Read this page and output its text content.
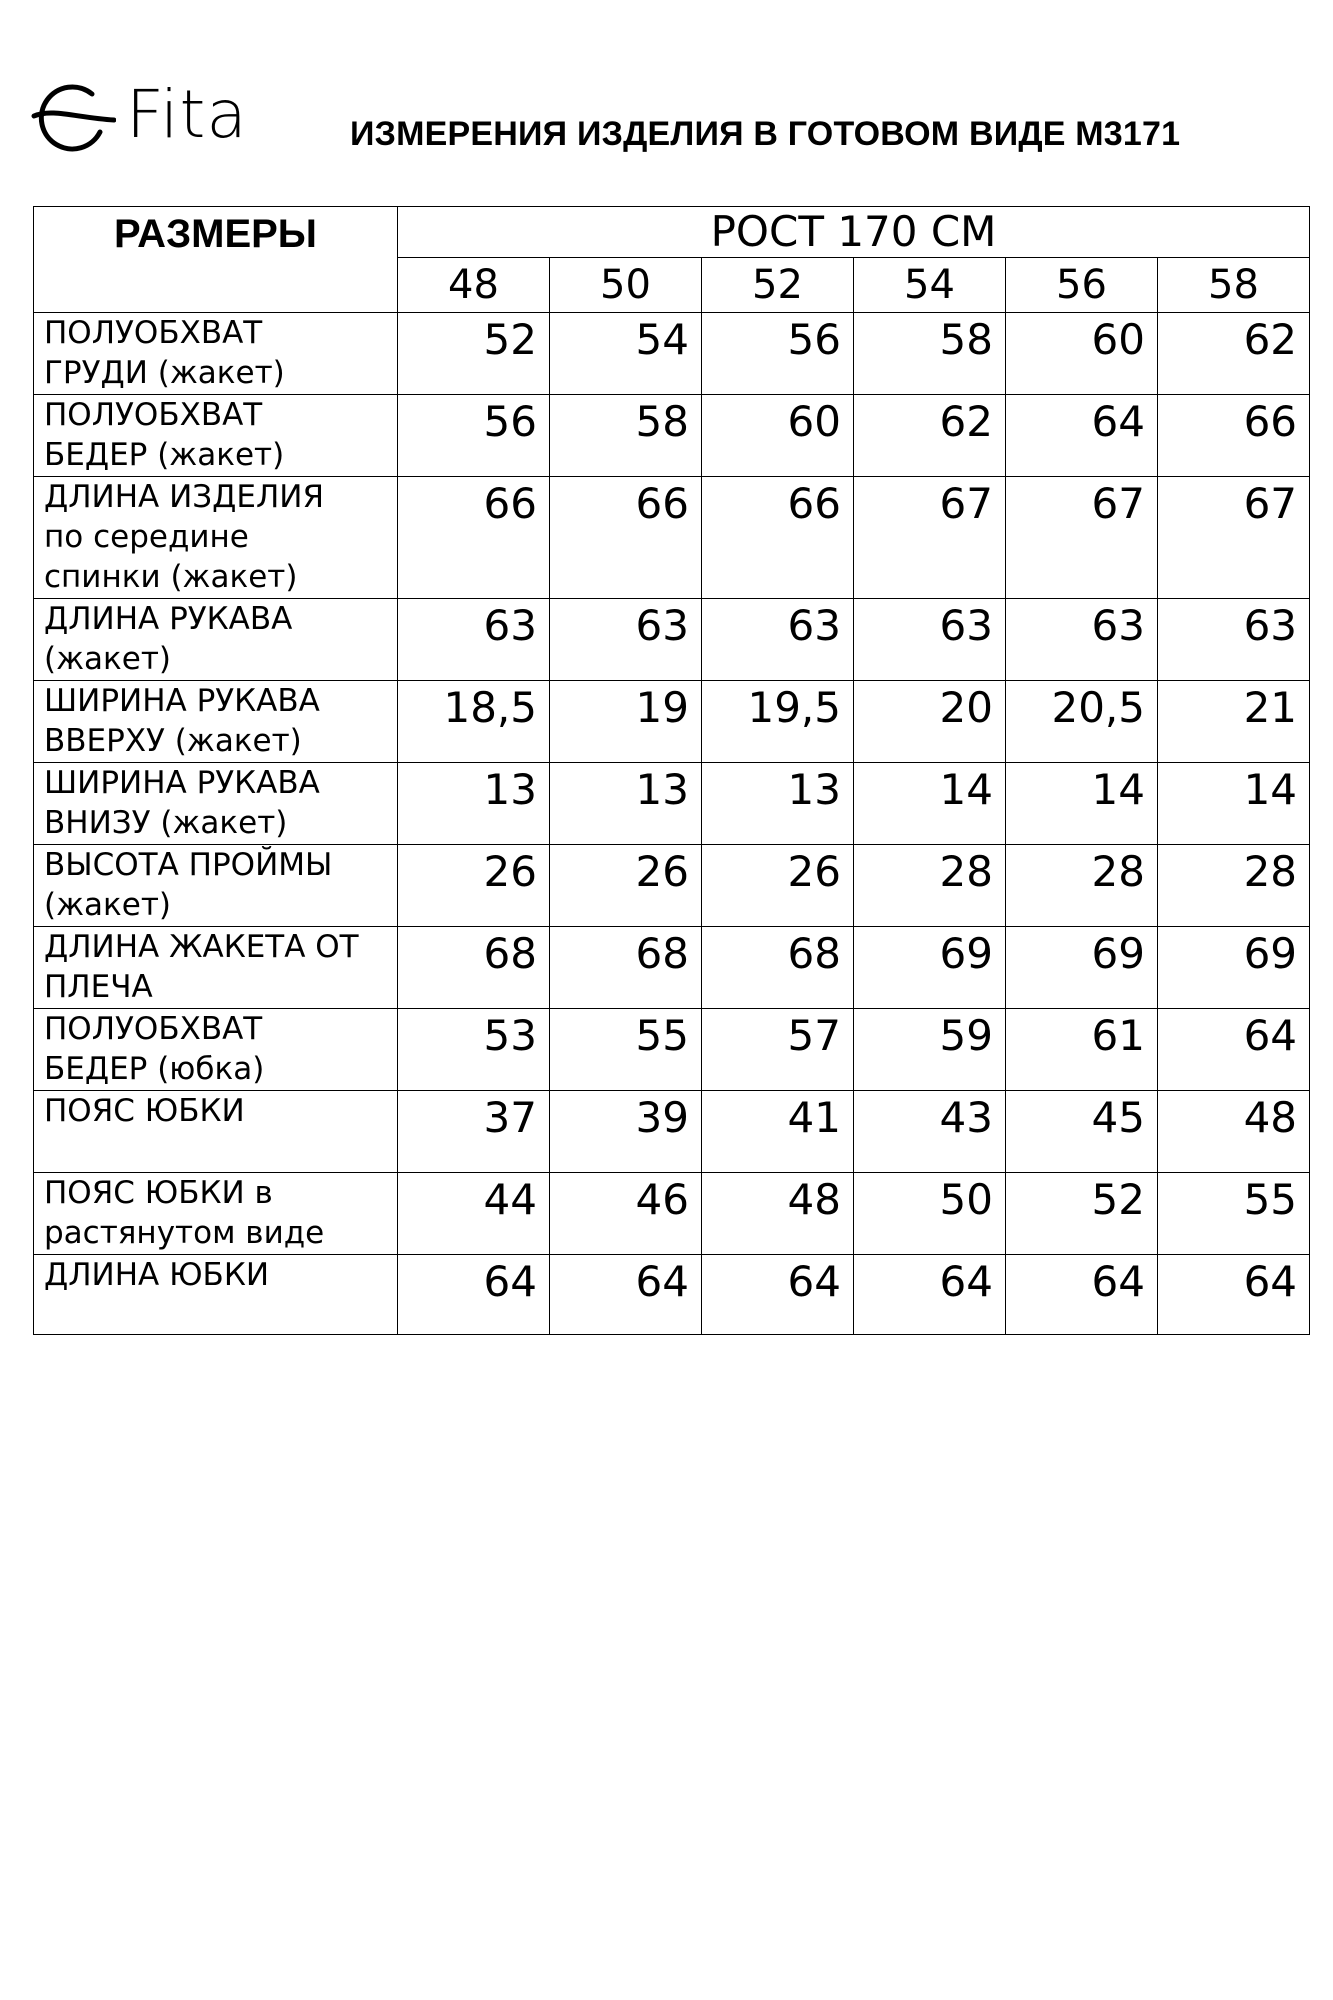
Fita	ИЗМЕРЕНИЯ ИЗДЕЛИЯ В ГОТОВОМ ВИДЕ М3171
РАЗМЕРЫ	РОСТ 170 СМ					
	48	50	52	54	56	58

ПОЛУОБХВАТ
ГРУДИ (жакет)	52	54	56	58	60	62

ПОЛУОБХВАТ
БЕДЕР (жакет)	56	58	60	62	64	66

ДЛИНА ИЗДЕЛИЯ
по середине
спинки (жакет)	66	66	66	67	67	67

ДЛИНА РУКАВА
(жакет)	63	63	63	63	63	63

ШИРИНА РУКАВА
ВВЕРХУ (жакет)	18,5	19	19,5	20	20,5	21

ШИРИНА РУКАВА
ВНИЗУ (жакет)	13	13	13	14	14	14

ВЫСОТА ПРОЙМЫ
(жакет)	26	26	26	28	28	28

ДЛИНА ЖАКЕТА ОТ
ПЛЕЧА	68	68	68	69	69	69

ПОЛУОБХВАТ
БЕДЕР (юбка)	53	55	57	59	61	64

ПОЯС ЮБКИ	37	39	41	43	45	48

ПОЯС ЮБКИ в
растянутом виде	44	46	48	50	52	55

ДЛИНА ЮБКИ	64	64	64	64	64	64
